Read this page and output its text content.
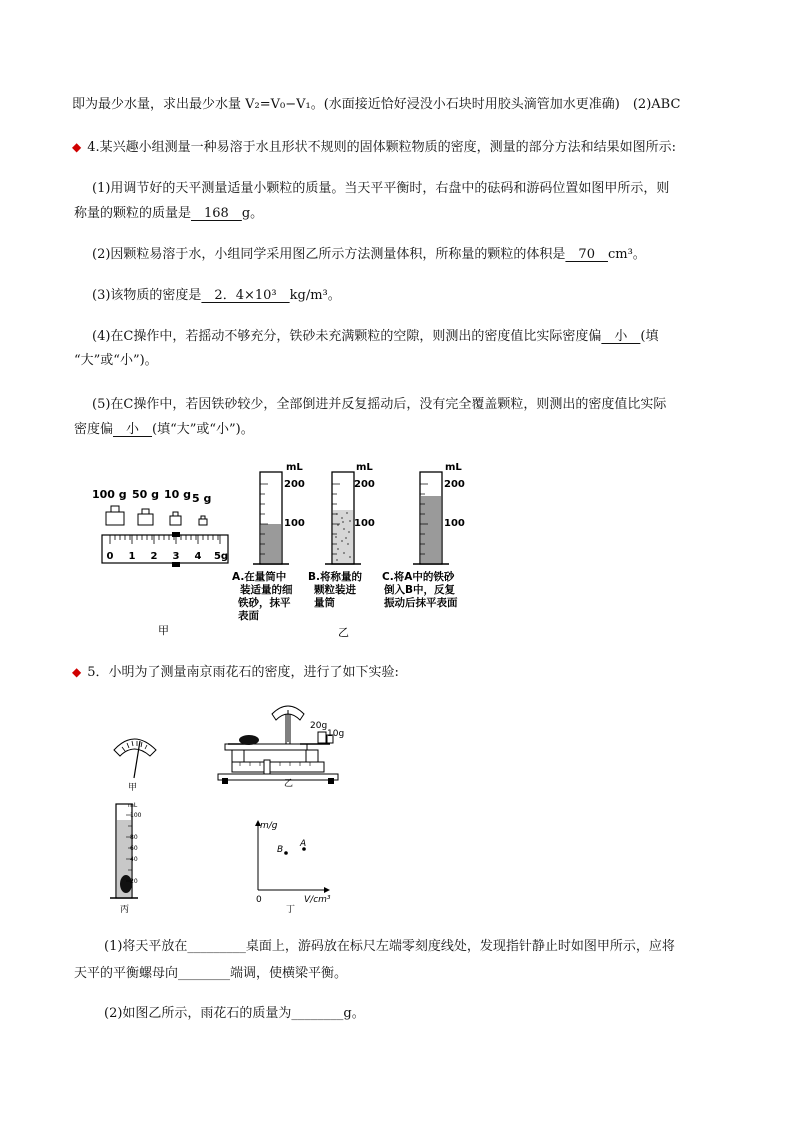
即为最少水量，求出最少水量 V₂=V₀−V₁。(水面接近恰好浸没小石块时用胶头滴管加水更准确)　(2)ABC
◆ 4.某兴趣小组测量一种易溶于水且形状不规则的固体颗粒物质的密度，测量的部分方法和结果如图所示:
(1)用调节好的天平测量适量小颗粒的质量。当天平平衡时，右盘中的砝码和游码位置如图甲所示，则
称量的颗粒的质量是　168　g。
(2)因颗粒易溶于水，小组同学采用图乙所示方法测量体积，所称量的颗粒的体积是　70　cm³。
(3)该物质的密度是　2．4×10³　kg/m³。
(4)在C操作中，若摇动不够充分，铁砂未充满颗粒的空隙，则测出的密度值比实际密度偏　小　(填
“大”或“小”)。
(5)在C操作中，若因铁砂较少，全部倒进并反复摇动后，没有完全覆盖颗粒，则测出的密度值比实际
密度偏　小　(填“大”或“小”)。
100 g 50 g 10 g 5 g
0 1 2 3 4 5g
mL
200
100
mL
200
100
mL
200
100
A.在量筒中
装适量的细
铁砂，抹平
表面
B.将称量的
颗粒装进
量筒
C.将A中的铁砂
倒入B中，反复
振动后抹平表面
甲	乙
◆ 5．小明为了测量南京雨花石的密度，进行了如下实验:
甲
20g
10g
乙
mL
100
80
60
40
20
丙
m/g
V/cm³
A
B
0
丁
(1)将天平放在_________桌面上，游码放在标尺左端零刻度线处，发现指针静止时如图甲所示，应将
天平的平衡螺母向________端调，使横梁平衡。
(2)如图乙所示，雨花石的质量为________g。
